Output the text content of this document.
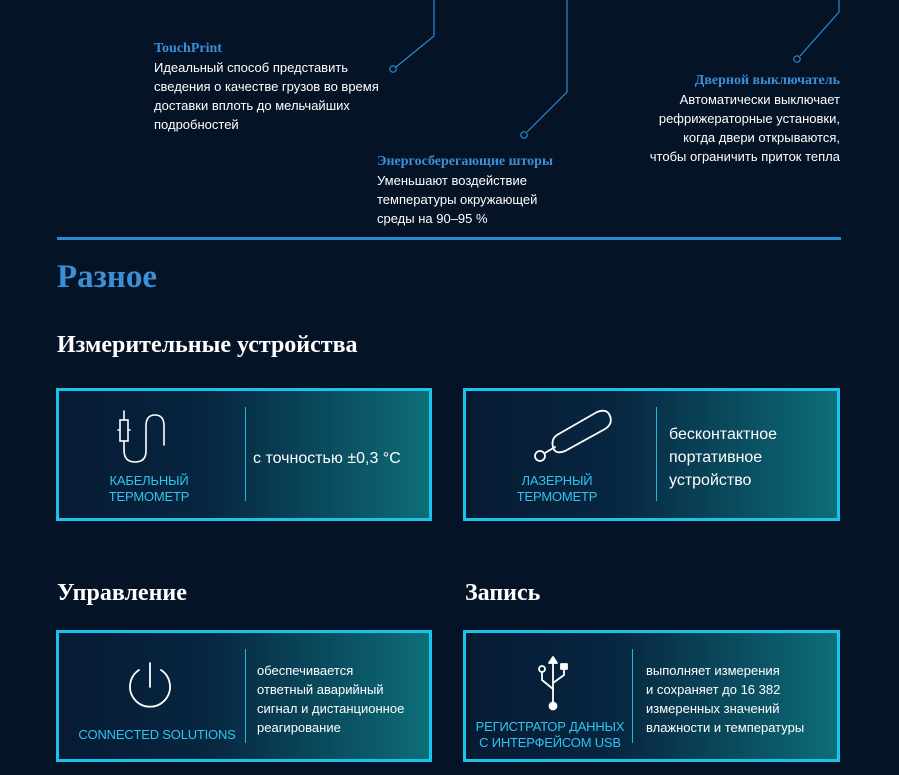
TouchPrint
Идеальный способ представить
сведения о качестве грузов во время
доставки вплоть до мельчайших
подробностей
Энергосберегающие шторы
Уменьшают воздействие
температуры окружающей
среды на 90–95 %
Дверной выключатель
Автоматически выключает
рефрижераторные установки,
когда двери открываются,
чтобы ограничить приток тепла
Разное
Измерительные устройства
КАБЕЛЬНЫЙ
ТЕРМОМЕТР
с точностью ±0,3 °C
ЛАЗЕРНЫЙ
ТЕРМОМЕТР
бесконтактное
портативное
устройство
Управление	Запись
CONNECTED SOLUTIONS
обеспечивается
ответный аварийный
сигнал и дистанционное
реагирование	РЕГИСТРАТОР ДАННЫХ
С ИНТЕРФЕЙСОМ USB
выполняет измерения
и сохраняет до 16 382
измеренных значений
влажности и температуры
